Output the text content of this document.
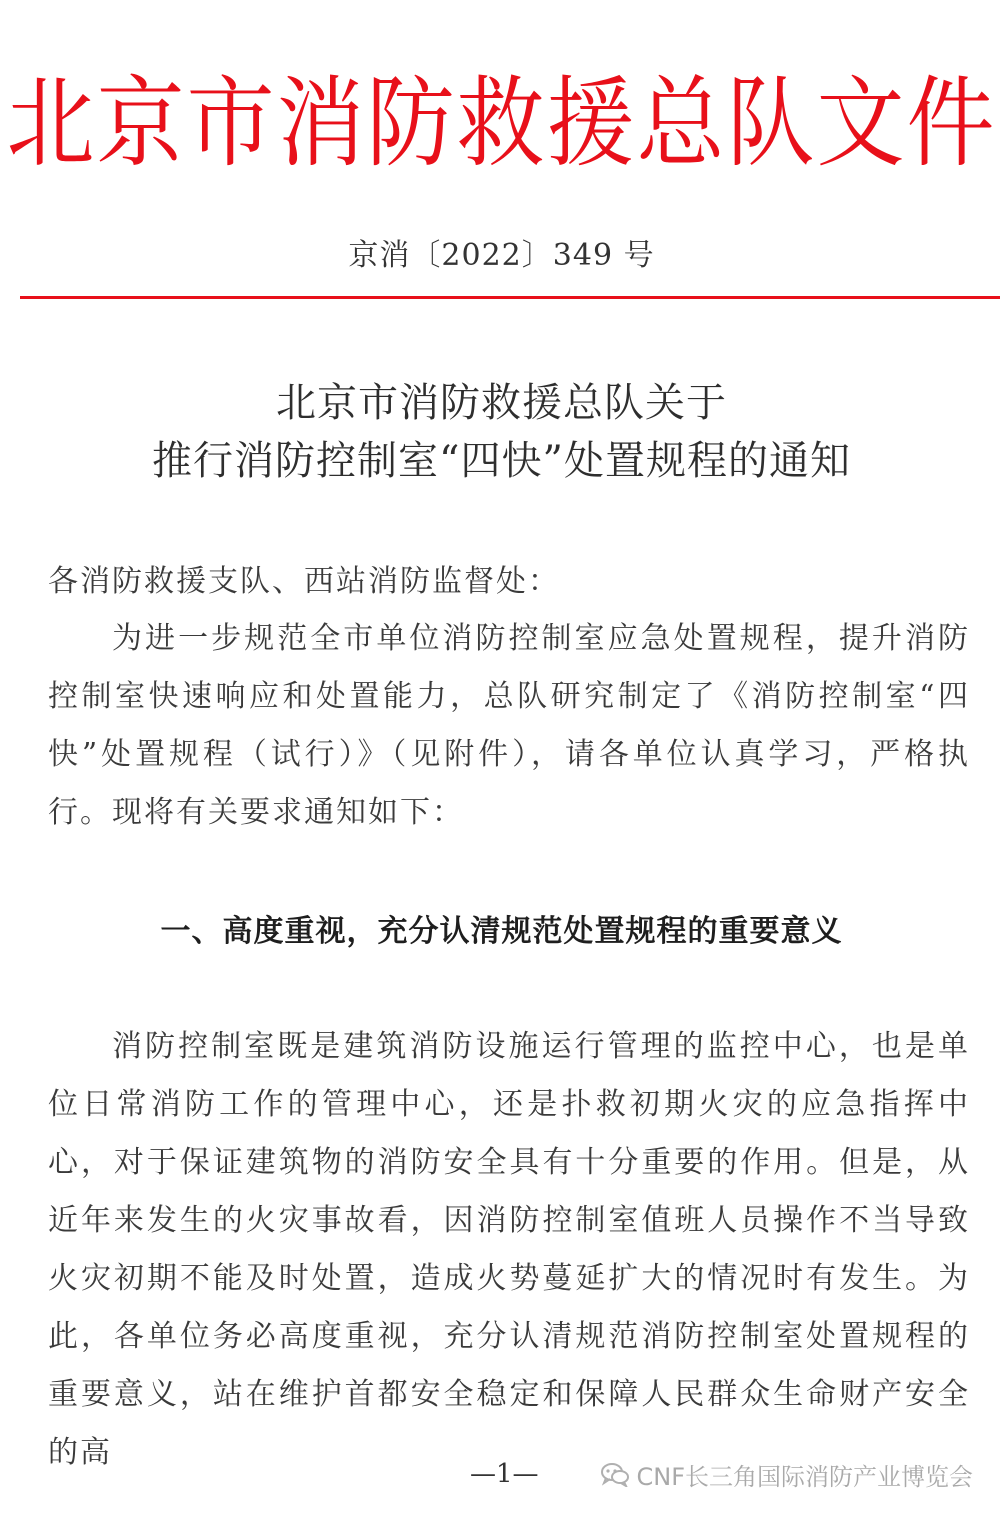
北京市消防救援总队文件
京消〔2022〕349 号
北京市消防救援总队关于
推行消防控制室“四快”处置规程的通知
各消防救援支队、西站消防监督处：
为进一步规范全市单位消防控制室应急处置规程，提升消防控制室快速响应和处置能力，总队研究制定了《消防控制室“四快”处置规程（试行）》（见附件），请各单位认真学习，严格执行。现将有关要求通知如下：
一、高度重视，充分认清规范处置规程的重要意义
消防控制室既是建筑消防设施运行管理的监控中心，也是单位日常消防工作的管理中心，还是扑救初期火灾的应急指挥中心，对于保证建筑物的消防安全具有十分重要的作用。但是，从近年来发生的火灾事故看，因消防控制室值班人员操作不当导致火灾初期不能及时处置，造成火势蔓延扩大的情况时有发生。为此，各单位务必高度重视，充分认清规范消防控制室处置规程的重要意义，站在维护首都安全稳定和保障人民群众生命财产安全的高
—1—	CNF长三角国际消防产业博览会
